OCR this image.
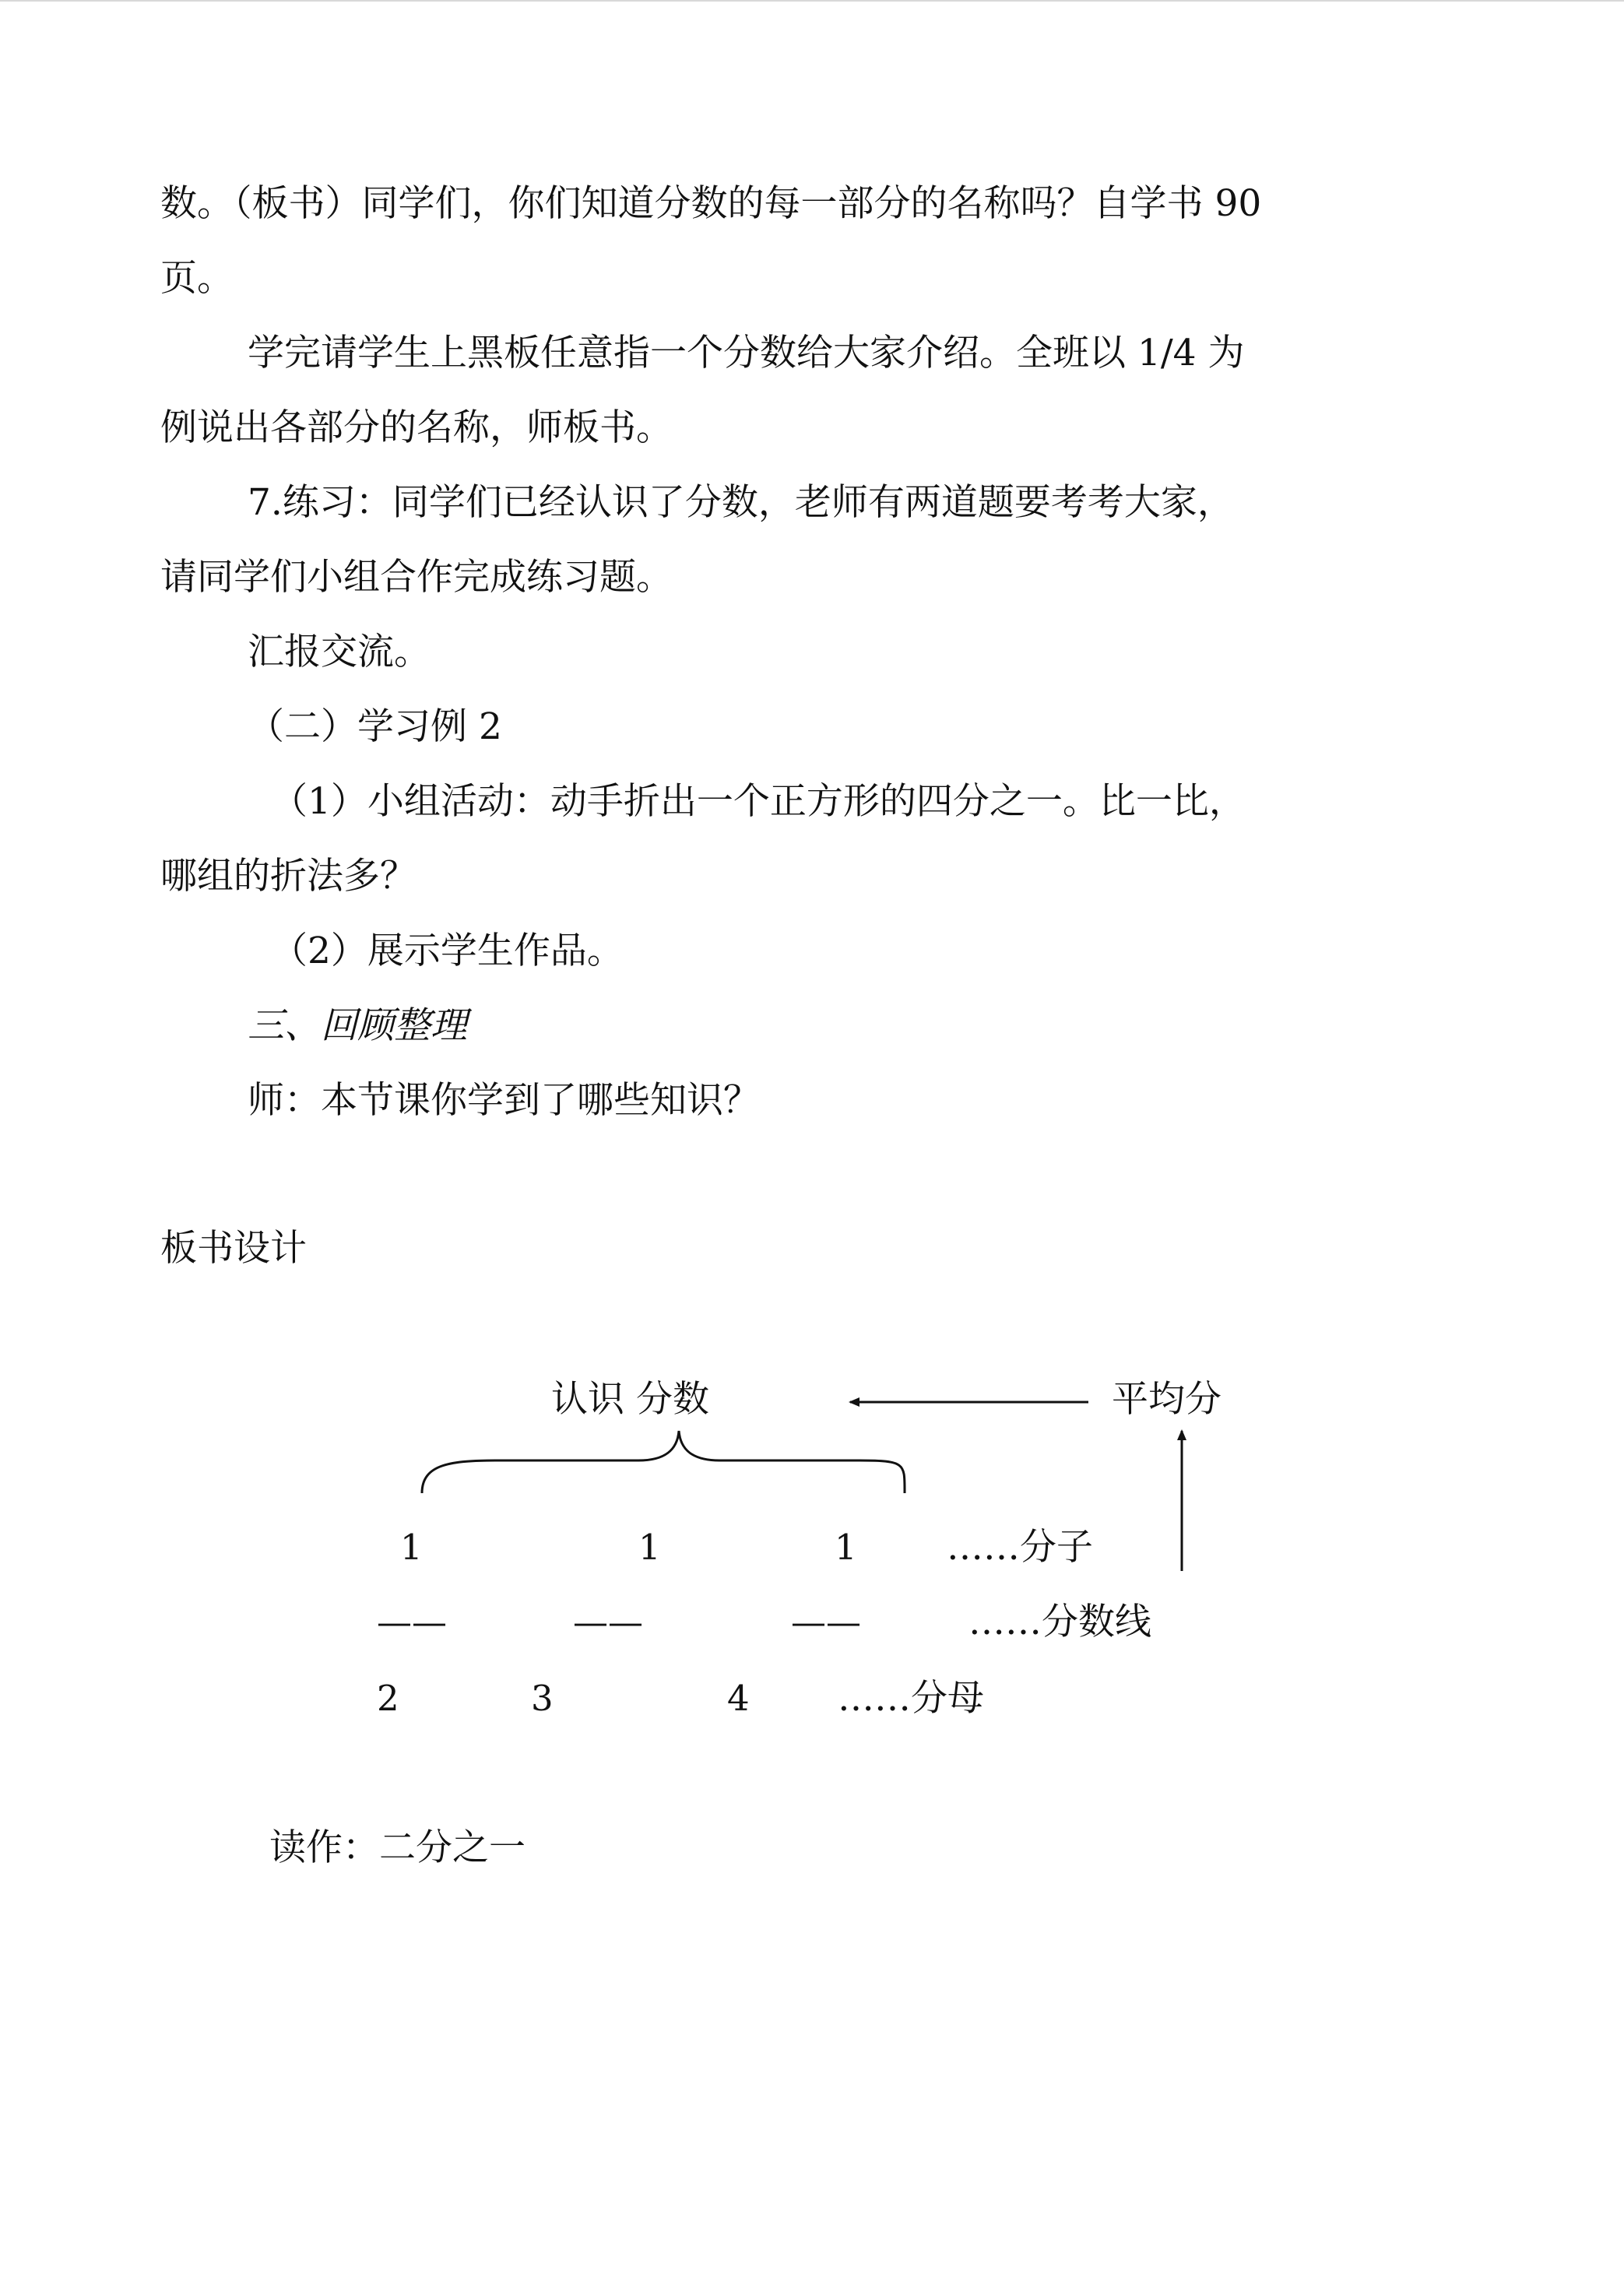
数。（板书）同学们，你们知道分数的每一部分的名称吗？自学书 90

页。

学完请学生上黑板任意指一个分数给大家介绍。全班以 1/4 为

例说出各部分的名称，师板书。

7.练习：同学们已经认识了分数，老师有两道题要考考大家，

请同学们小组合作完成练习题。

汇报交流。

（二）学习例 2

（1）小组活动：动手折出一个正方形的四分之一。比一比，

哪组的折法多？

（2）展示学生作品。

三、回顾整理

师：本节课你学到了哪些知识？

板书设计

认识 分数	平均分
1	1	1 ……分子
——	——	——	……分数线
2	3	4 ……分母

读作：二分之一
